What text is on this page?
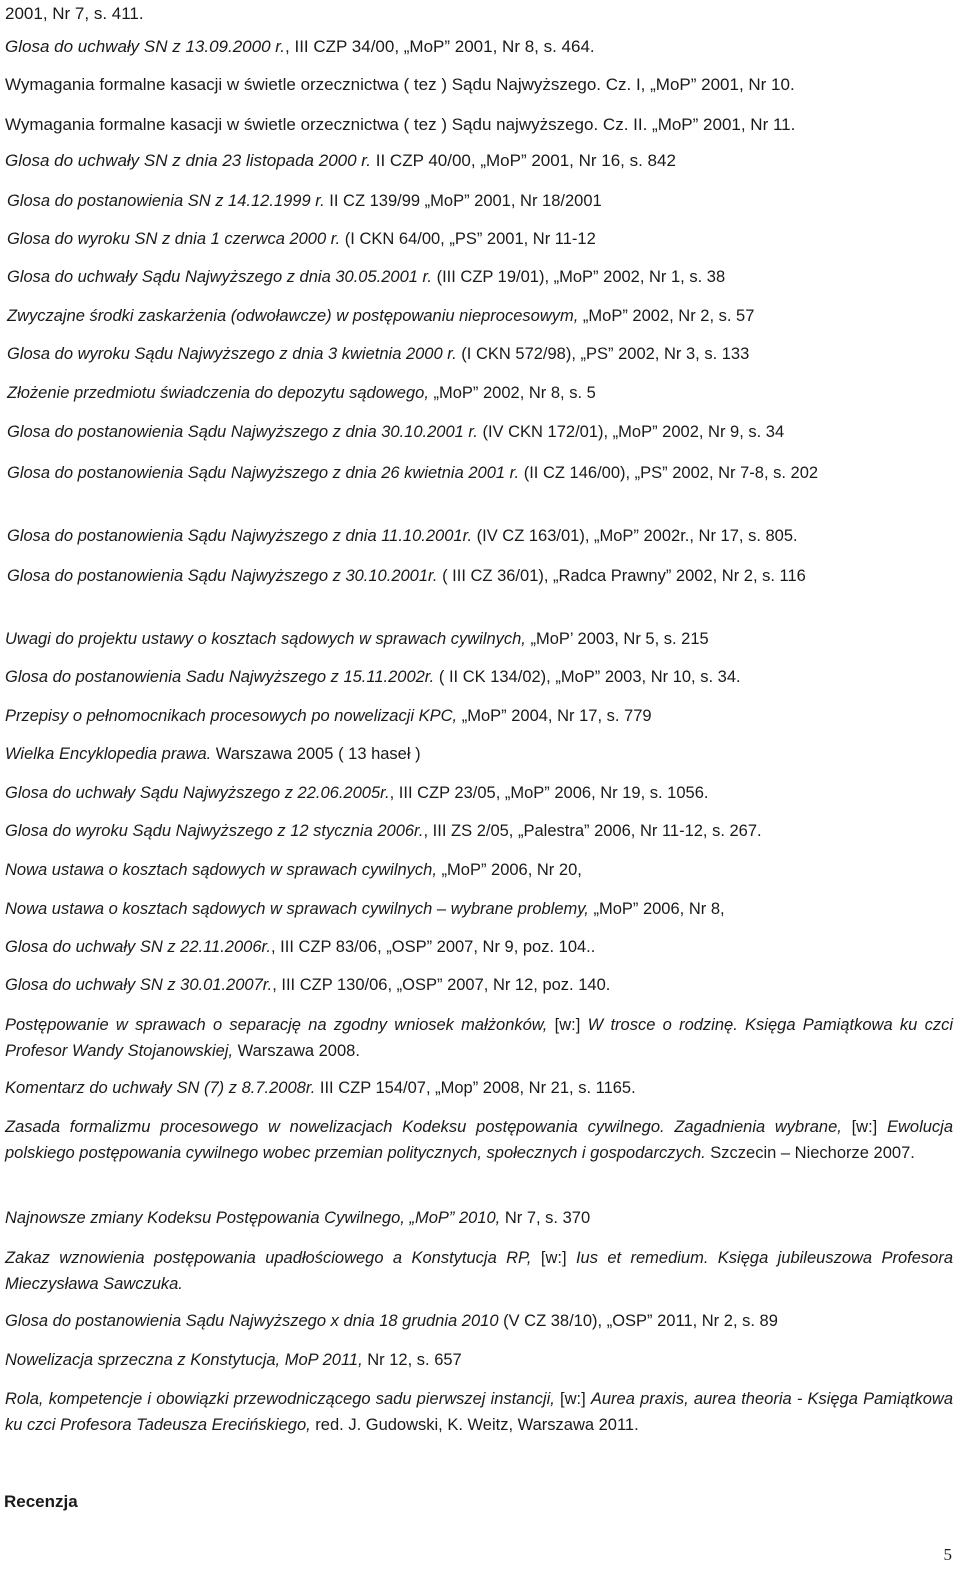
2001, Nr 7, s. 411.
Glosa do uchwały SN z 13.09.2000 r., III CZP 34/00, „MoP” 2001, Nr 8, s. 464.
Wymagania formalne kasacji w świetle orzecznictwa ( tez ) Sądu Najwyższego. Cz. I, „MoP” 2001, Nr 10.
Wymagania formalne kasacji w świetle orzecznictwa ( tez ) Sądu najwyższego. Cz. II. „MoP” 2001, Nr 11.
Glosa do uchwały SN z dnia 23 listopada 2000 r. II CZP 40/00, „MoP” 2001, Nr 16, s. 842
Glosa do postanowienia SN z 14.12.1999 r. II CZ 139/99 „MoP” 2001, Nr 18/2001
Glosa do wyroku SN z dnia 1 czerwca 2000 r. (I CKN 64/00, „PS” 2001, Nr 11-12
Glosa do uchwały Sądu Najwyższego z dnia 30.05.2001 r. (III CZP 19/01), „MoP” 2002, Nr 1, s. 38
Zwyczajne środki zaskarżenia (odwoławcze) w postępowaniu nieprocesowym, „MoP” 2002, Nr 2, s. 57
Glosa do wyroku Sądu Najwyższego z dnia 3 kwietnia 2000 r. (I CKN 572/98), „PS” 2002, Nr 3, s. 133
Złożenie przedmiotu świadczenia do depozytu sądowego, „MoP” 2002, Nr 8, s. 5
Glosa do postanowienia Sądu Najwyższego z dnia 30.10.2001 r. (IV CKN 172/01), „MoP” 2002, Nr 9, s. 34
Glosa do postanowienia Sądu Najwyższego z dnia 26 kwietnia 2001 r. (II CZ 146/00), „PS” 2002, Nr 7-8, s. 202
Glosa do postanowienia Sądu Najwyższego z dnia 11.10.2001r. (IV CZ 163/01), „MoP” 2002r., Nr 17, s. 805.
Glosa do postanowienia Sądu Najwyższego z 30.10.2001r. ( III CZ 36/01), „Radca Prawny” 2002, Nr 2, s. 116
Uwagi do projektu ustawy o kosztach sądowych w sprawach cywilnych, „MoP’ 2003, Nr 5, s. 215
Glosa do postanowienia Sadu Najwyższego z 15.11.2002r. ( II CK 134/02), „MoP” 2003, Nr 10, s. 34.
Przepisy o pełnomocnikach procesowych po nowelizacji KPC, „MoP” 2004, Nr 17, s. 779
Wielka Encyklopedia prawa. Warszawa 2005 ( 13 haseł )
Glosa do uchwały Sądu Najwyższego z 22.06.2005r., III CZP 23/05, „MoP” 2006, Nr 19, s. 1056.
Glosa do wyroku Sądu Najwyższego z 12 stycznia 2006r., III ZS 2/05, „Palestra” 2006, Nr 11-12, s. 267.
Nowa ustawa o kosztach sądowych w sprawach cywilnych, „MoP” 2006, Nr 20,
Nowa ustawa o kosztach sądowych w sprawach cywilnych – wybrane problemy, „MoP” 2006, Nr 8,
Glosa do uchwały SN z 22.11.2006r., III CZP 83/06, „OSP” 2007, Nr 9, poz. 104..
Glosa do uchwały SN z 30.01.2007r., III CZP 130/06, „OSP” 2007, Nr 12, poz. 140.
Postępowanie w sprawach o separację na zgodny wniosek małżonków, [w:] W trosce o rodzinę. Księga Pamiątkowa ku czci Profesor Wandy Stojanowskiej, Warszawa 2008.
Komentarz do uchwały SN (7) z 8.7.2008r. III CZP 154/07, „Mop” 2008, Nr 21, s. 1165.
Zasada formalizmu procesowego w nowelizacjach Kodeksu postępowania cywilnego. Zagadnienia wybrane, [w:] Ewolucja polskiego postępowania cywilnego wobec przemian politycznych, społecznych i gospodarczych. Szczecin – Niechorze 2007.
Najnowsze zmiany Kodeksu Postępowania Cywilnego, „MoP” 2010, Nr 7, s. 370
Zakaz wznowienia postępowania upadłościowego a Konstytucja RP, [w:] Ius et remedium. Księga jubileuszowa Profesora Mieczysława Sawczuka.
Glosa do postanowienia Sądu Najwyższego x dnia 18 grudnia 2010 (V CZ 38/10), „OSP” 2011, Nr 2, s. 89
Nowelizacja sprzeczna z Konstytucja, MoP 2011, Nr 12, s. 657
Rola, kompetencje i obowiązki przewodniczącego sadu pierwszej instancji, [w:] Aurea praxis, aurea theoria - Księga Pamiątkowa ku czci Profesora Tadeusza Erecińskiego, red. J. Gudowski, K. Weitz, Warszawa 2011.
Recenzja
5
